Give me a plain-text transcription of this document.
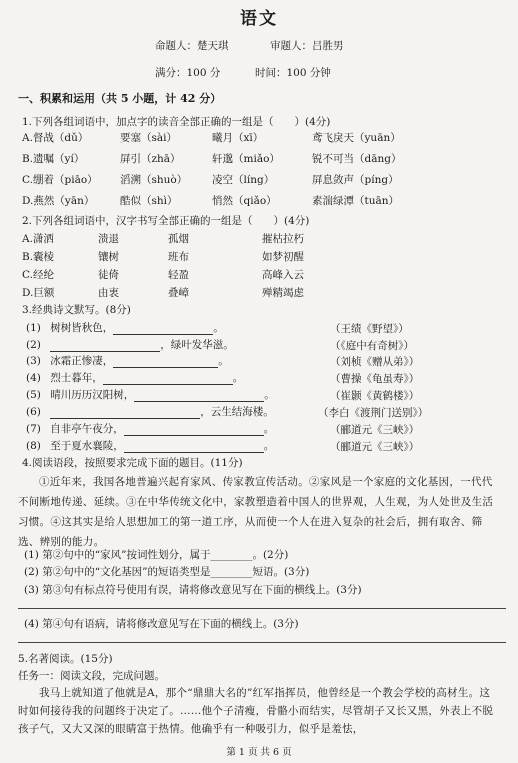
语文
命题人：楚天琪	审题人：吕胜男
满分：100 分	时间：100 分钟
一、积累和运用（共 5 小题，计 42 分）
1.下列各组词语中，加点字的读音全部正确的一组是（　　）(4分)
A.督战（dǔ）	要塞（sài）	曦月（xī）	鸢飞戾天（yuān）
B.遗嘱（yí）	屏引（zhā）	轩邈（miǎo）	锐不可当（dāng）
C.绷着（piāo）	滔溯（shuò）	凌空（líng）	屏息敛声（píng）
D.燕然（yān）	酷似（shì）	悄然（qiǎo）	素湍绿潭（tuān）
2.下列各组词语中，汉字书写全部正确的一组是（　　）(4分)
A.潇洒	溃退	孤烟	摧枯拉朽
B.囊棱	镶树	班布	如梦初醒
C.经纶	徒倚	轻盈	高峰入云
D.巨额	由衷	叠嶂	殚精竭虑
3.经典诗文默写。(8分)
(1) 树树皆秋色，	。	（王绩《野望》）
(2)	，绿叶发华滋。	（《庭中有奇树》）
(3) 冰霜正惨凄，	。	（刘桢《赠从弟》）
(4) 烈士暮年，	。	（曹操《龟虽寿》）
(5) 晴川历历汉阳树，	。	（崔颢《黄鹤楼》）
(6)	，云生结海楼。	（李白《渡荆门送别》）
(7) 自非亭午夜分，	。	（郦道元《三峡》）
(8) 至于夏水襄陵，	。	（郦道元《三峡》）
4.阅读语段，按照要求完成下面的题目。(11分)
①近年来，我国各地普遍兴起育家风、传家教宣传活动。②家风是一个家庭的文化基因，一代代不间断地传递、延续。③在中华传统文化中，家教塑造着中国人的世界观，人生观，为人处世及生活习惯。④这其实是给人思想加工的第一道工序，从而使一个人在进入复杂的社会后，拥有取舍、筛选、辨别的能力。
(1) 第②句中的“家风”按词性划分，属于________。(2分)
(2) 第②句中的“文化基因”的短语类型是________短语。(3分)
(3) 第③句有标点符号使用有误，请将修改意见写在下面的横线上。(3分)
(4) 第④句有语病，请将修改意见写在下面的横线上。(3分)
5.名著阅读。(15分)
任务一：阅读文段，完成问题。
我马上就知道了他就是A，那个“鼎鼎大名的”红军指挥员，他曾经是一个教会学校的高材生。这时如何接待我的问题终于决定了。……他个子清瘦，骨骼小而结实，尽管胡子又长又黑，外表上不脱孩子气，又大又深的眼睛富于热情。他确乎有一种吸引力，似乎是羞怯，
第 1 页 共 6 页
